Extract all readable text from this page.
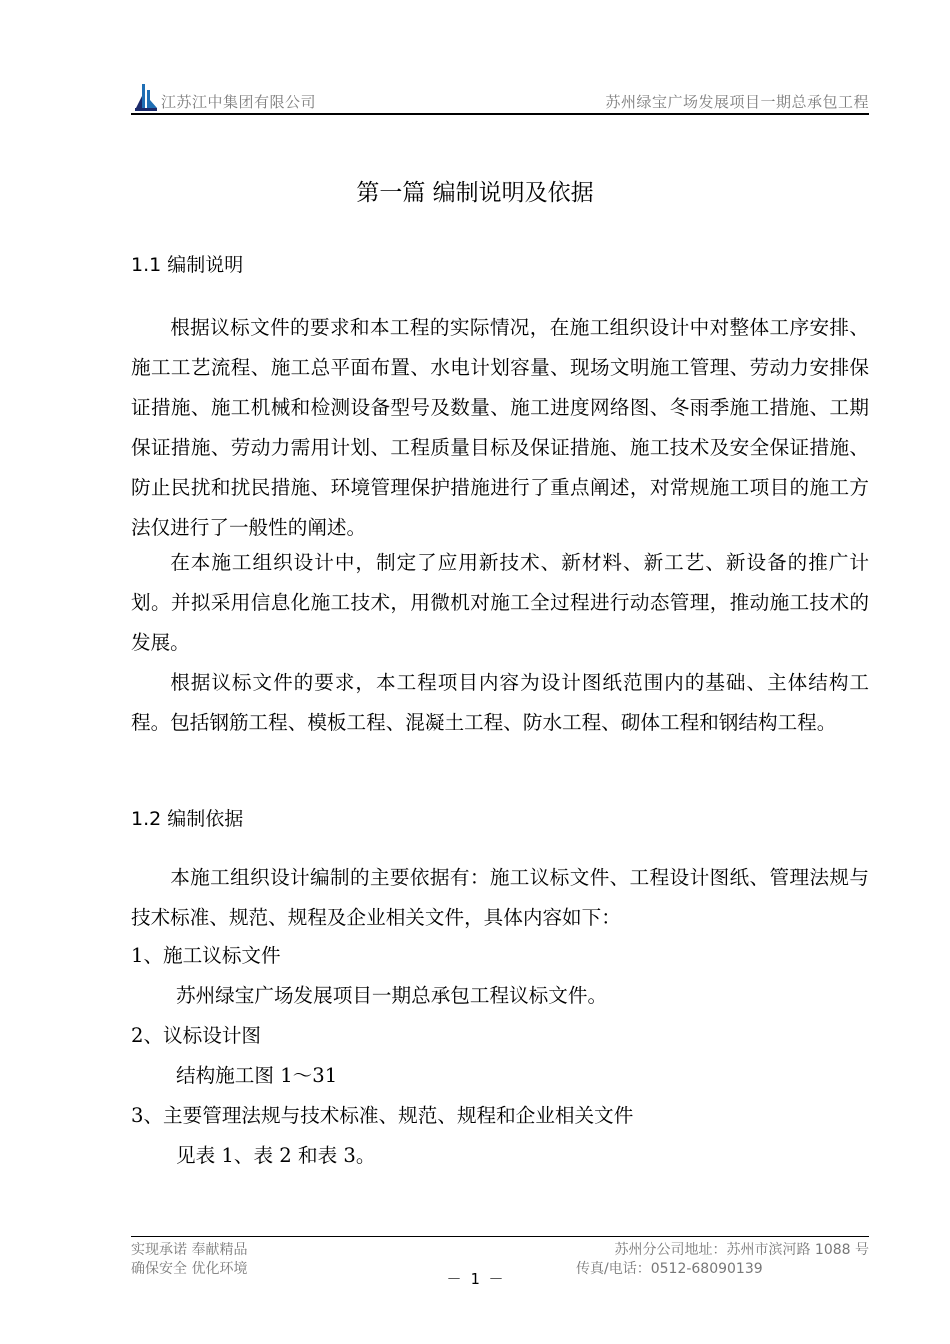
江苏江中集团有限公司	苏州绿宝广场发展项目一期总承包工程
第一篇 编制说明及依据
1.1 编制说明
根据议标文件的要求和本工程的实际情况，在施工组织设计中对整体工序安排、施工工艺流程、施工总平面布置、水电计划容量、现场文明施工管理、劳动力安排保证措施、施工机械和检测设备型号及数量、施工进度网络图、冬雨季施工措施、工期保证措施、劳动力需用计划、工程质量目标及保证措施、施工技术及安全保证措施、防止民扰和扰民措施、环境管理保护措施进行了重点阐述，对常规施工项目的施工方法仅进行了一般性的阐述。
在本施工组织设计中，制定了应用新技术、新材料、新工艺、新设备的推广计划。并拟采用信息化施工技术，用微机对施工全过程进行动态管理，推动施工技术的发展。
根据议标文件的要求，本工程项目内容为设计图纸范围内的基础、主体结构工程。包括钢筋工程、模板工程、混凝土工程、防水工程、砌体工程和钢结构工程。
1.2 编制依据
本施工组织设计编制的主要依据有：施工议标文件、工程设计图纸、管理法规与技术标准、规范、规程及企业相关文件，具体内容如下：
1、施工议标文件
苏州绿宝广场发展项目一期总承包工程议标文件。
2、议标设计图
结构施工图 1～31
3、主要管理法规与技术标准、规范、规程和企业相关文件
见表 1、表 2 和表 3。
实现承诺 奉献精品
确保安全 优化环境
苏州分公司地址：苏州市滨河路 1088 号
传真/电话：0512-68090139
－ 1 －
